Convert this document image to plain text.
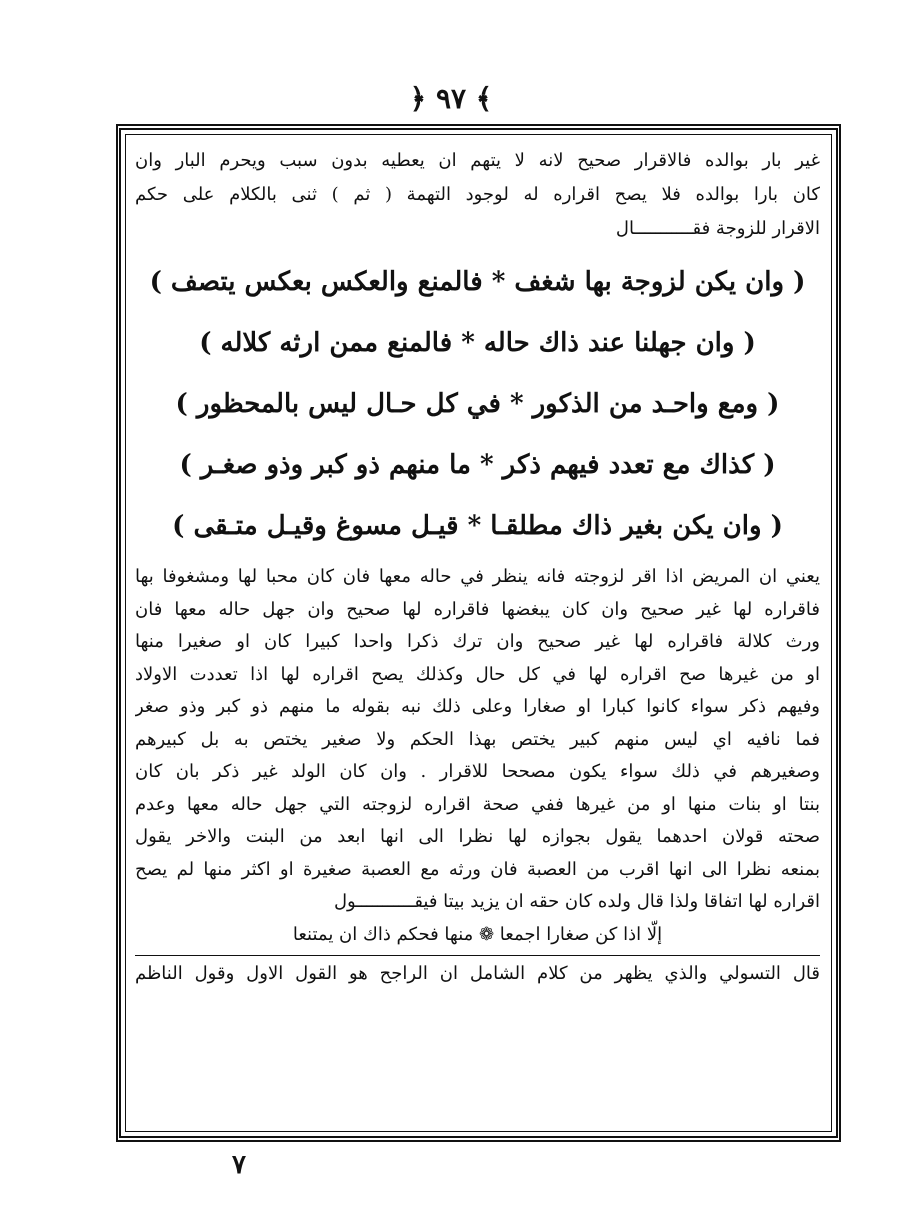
﴿ ٩٧ ﴾
غير بار بوالده فالاقرار صحيح لانه لا يتهم ان يعطيه بدون سبب ويحرم البار وان
كان بارا بوالده فلا يصح اقراره له لوجود التهمة ( ثم ) ثنى بالكلام على حكم
الاقرار للزوجة فقـــــــــــال
( وان يكن لزوجة بها شغف * فالمنع والعكس بعكس يتصف )
( وان جهلنا عند ذاك حاله * فالمنع ممن ارثه كلاله )
( ومع واحـد من الذكور * في كل حـال ليس بالمحظور )
( كذاك مع تعدد فيهم ذكر * ما منهم ذو كبر وذو صغـر )
( وان يكن بغير ذاك مطلقـا * قيـل مسوغ وقيـل متـقى )
يعني ان المريض اذا اقر لزوجته فانه ينظر في حاله معها فان كان محبا لها ومشغوفا بها
فاقراره لها غير صحيح وان كان يبغضها فاقراره لها صحيح وان جهل حاله معها فان
ورث كلالة فاقراره لها غير صحيح وان ترك ذكرا واحدا كبيرا كان او صغيرا منها
او من غيرها صح اقراره لها في كل حال وكذلك يصح اقراره لها اذا تعددت الاولاد
وفيهم ذكر سواء كانوا كبارا او صغارا وعلى ذلك نبه بقوله ما منهم ذو كبر وذو صغر
فما نافيه اي ليس منهم كبير يختص بهذا الحكم ولا صغير يختص به بل كبيرهم
وصغيرهم في ذلك سواء يكون مصححا للاقرار . وان كان الولد غير ذكر بان كان
بنتا او بنات منها او من غيرها ففي صحة اقراره لزوجته التي جهل حاله معها وعدم
صحته قولان احدهما يقول بجوازه لها نظرا الى انها ابعد من البنت والاخر يقول
بمنعه نظرا الى انها اقرب من العصبة فان ورثه مع العصبة صغيرة او اكثر منها لم يصح
اقراره لها اتفاقا ولذا قال ولده كان حقه ان يزيد بيتا فيقـــــــــــول
إلّا اذا كن صغارا اجمعا ❁ منها فحكم ذاك ان يمتنعا
قال التسولي والذي يظهر من كلام الشامل ان الراجح هو القول الاول وقول الناظم
٧
